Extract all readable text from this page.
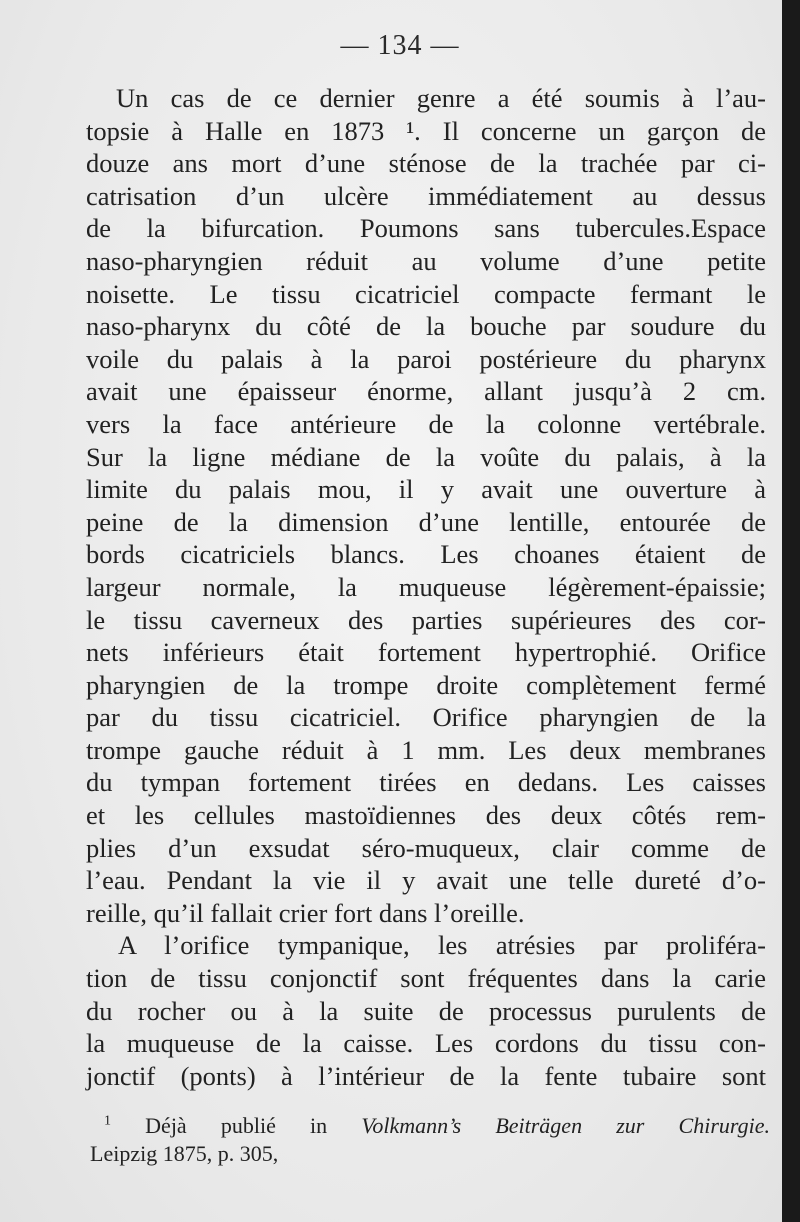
— 134 —
Un cas de ce dernier genre a été soumis à l’au-
topsie à Halle en 1873 ¹. Il concerne un garçon de
douze ans mort d’une sténose de la trachée par ci-
catrisation d’un ulcère immédiatement au dessus
de la bifurcation. Poumons sans tubercules.Espace
naso-pharyngien réduit au volume d’une petite
noisette. Le tissu cicatriciel compacte fermant le
naso-pharynx du côté de la bouche par soudure du
voile du palais à la paroi postérieure du pharynx
avait une épaisseur énorme, allant jusqu’à 2 cm.
vers la face antérieure de la colonne vertébrale.
Sur la ligne médiane de la voûte du palais, à la
limite du palais mou, il y avait une ouverture à
peine de la dimension d’une lentille, entourée de
bords cicatriciels blancs. Les choanes étaient de
largeur normale, la muqueuse légèrement-épaissie;
le tissu caverneux des parties supérieures des cor-
nets inférieurs était fortement hypertrophié. Orifice
pharyngien de la trompe droite complètement fermé
par du tissu cicatriciel. Orifice pharyngien de la
trompe gauche réduit à 1 mm. Les deux membranes
du tympan fortement tirées en dedans. Les caisses
et les cellules mastoïdiennes des deux côtés rem-
plies d’un exsudat séro-muqueux, clair comme de
l’eau. Pendant la vie il y avait une telle dureté d’o-
reille, qu’il fallait crier fort dans l’oreille.
A l’orifice tympanique, les atrésies par proliféra-
tion de tissu conjonctif sont fréquentes dans la carie
du rocher ou à la suite de processus purulents de
la muqueuse de la caisse. Les cordons du tissu con-
jonctif (ponts) à l’intérieur de la fente tubaire sont
$^1$ Déjà publié in Volkmann’s Beiträgen zur Chirurgie.
Leipzig 1875, p. 305,
